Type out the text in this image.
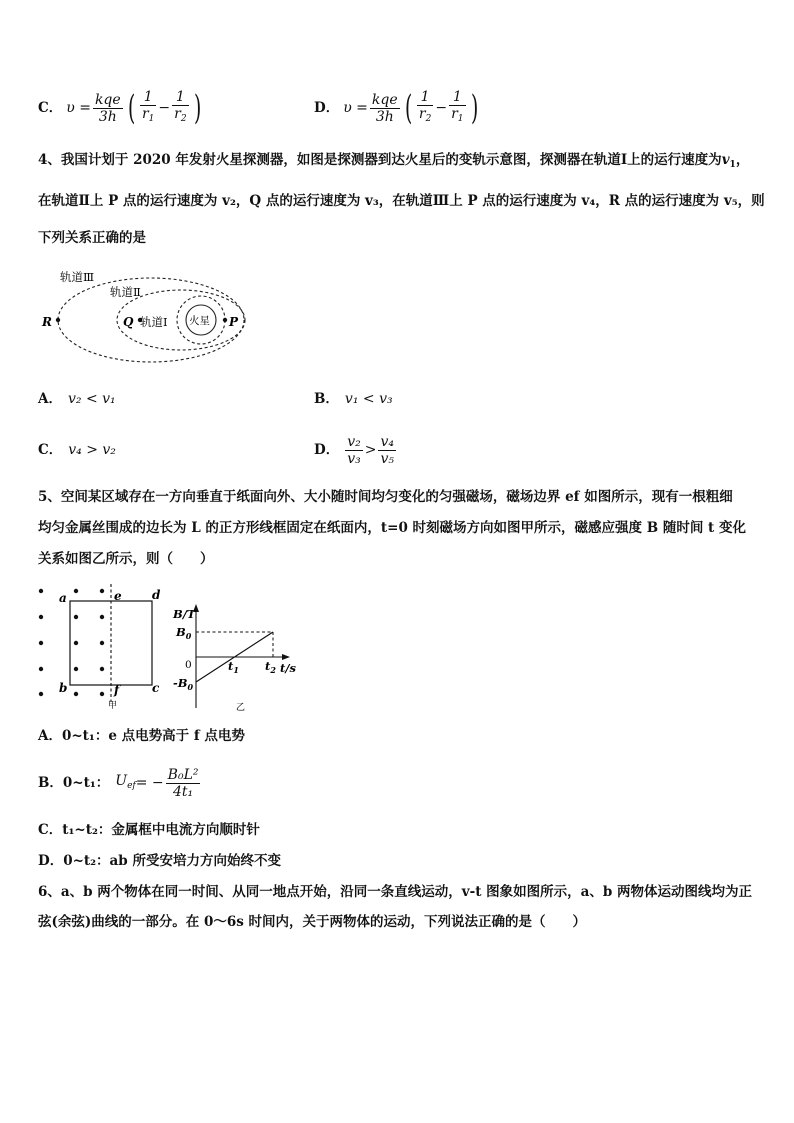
C． $\upsilon = \frac{\text{kqe}}{3h}$ ( $\frac{1}{r_1} - \frac{1}{r_2}$ )	D． $\upsilon = \frac{\text{kqe}}{3h}$ ( $\frac{1}{r_2} - \frac{1}{r_1}$ )
4、我国计划于 2020 年发射火星探测器，如图是探测器到达火星后的变轨示意图，探测器在轨道Ⅰ上的运行速度为$v_1$，
在轨道Ⅱ上 P 点的运行速度为 v₂，Q 点的运行速度为 v₃，在轨道Ⅲ上 P 点的运行速度为 v₄，R 点的运行速度为 v₅，则
下列关系正确的是
轨道Ⅲ
轨道Ⅱ
轨道Ⅰ 火星
R	Q	P
A． v₂ < v₁	B． v₁ < v₃
C． v₄ > v₂	D． $\frac{\text{v₂}}{\text{v₃}} > \frac{\text{v₄}}{\text{v₅}}$
5、空间某区域存在一方向垂直于纸面向外、大小随时间均匀变化的匀强磁场，磁场边界 ef 如图所示，现有一根粗细
均匀金属丝围成的边长为 L 的正方形线框固定在纸面内，t=0 时刻磁场方向如图甲所示，磁感应强度 B 随时间 t 变化
关系如图乙所示，则（　　）
a	e	d
b	f	c
甲
B/T
t/s
$B_0$
0
$-B_0$
$t_1$ $t_2$
乙
A．0~t₁：e 点电势高于 f 点电势
B．0~t₁： $U_{ef}$ = − $\frac{\text{B₀L²}}{\text{4t₁}}$
C．t₁~t₂：金属框中电流方向顺时针
D．0~t₂：ab 所受安培力方向始终不变
6、a、b 两个物体在同一时间、从同一地点开始，沿同一条直线运动，v-t 图象如图所示，a、b 两物体运动图线均为正
弦(余弦)曲线的一部分。在 0～6s 时间内，关于两物体的运动，下列说法正确的是（　　）
